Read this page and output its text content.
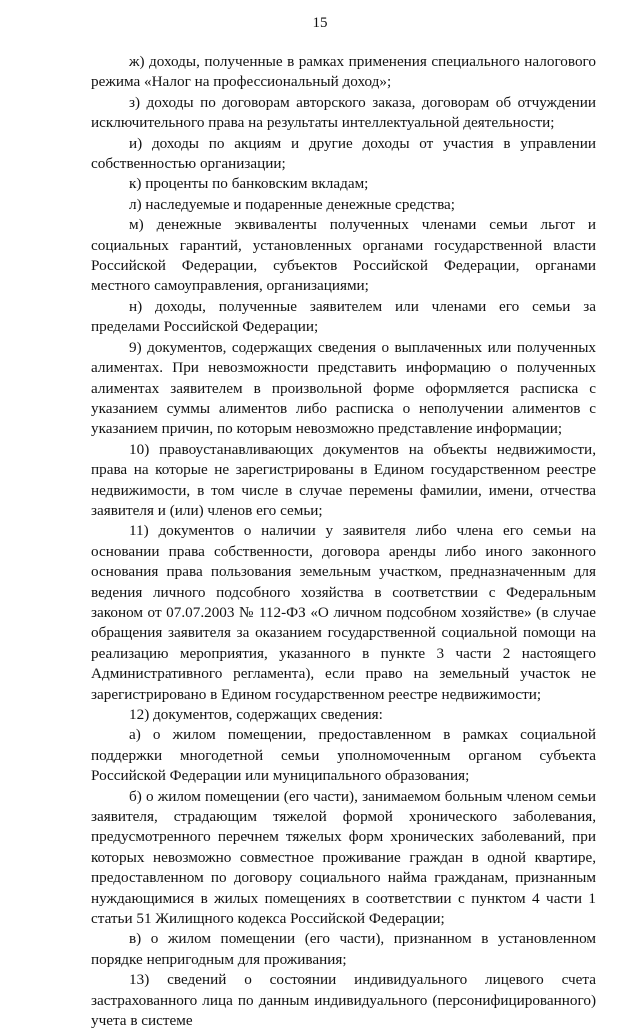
15

ж) доходы, полученные в рамках применения специального налогового режима «Налог на профессиональный доход»;

з) доходы по договорам авторского заказа, договорам об отчуждении исключительного права на результаты интеллектуальной деятельности;

и) доходы по акциям и другие доходы от участия в управлении собственностью организации;

к) проценты по банковским вкладам;

л) наследуемые и подаренные денежные средства;

м) денежные эквиваленты полученных членами семьи льгот и социальных гарантий, установленных органами государственной власти Российской Федерации, субъектов Российской Федерации, органами местного самоуправления, организациями;

н) доходы, полученные заявителем или членами его семьи за пределами Российской Федерации;

9) документов, содержащих сведения о выплаченных или полученных алиментах. При невозможности представить информацию о полученных алиментах заявителем в произвольной форме оформляется расписка с указанием суммы алиментов либо расписка о неполучении алиментов с указанием причин, по которым невозможно представление информации;

10) правоустанавливающих документов на объекты недвижимости, права на которые не зарегистрированы в Едином государственном реестре недвижимости, в том числе в случае перемены фамилии, имени, отчества заявителя и (или) членов его семьи;

11) документов о наличии у заявителя либо члена его семьи на основании права собственности, договора аренды либо иного законного основания права пользования земельным участком, предназначенным для ведения личного подсобного хозяйства в соответствии с Федеральным законом от 07.07.2003 № 112-ФЗ «О личном подсобном хозяйстве» (в случае обращения заявителя за оказанием государственной социальной помощи на реализацию мероприятия, указанного в пункте 3 части 2 настоящего Административного регламента), если право на земельный участок не зарегистрировано в Едином государственном реестре недвижимости;

12) документов, содержащих сведения:

а) о жилом помещении, предоставленном в рамках социальной поддержки многодетной семьи уполномоченным органом субъекта Российской Федерации или муниципального образования;

б) о жилом помещении (его части), занимаемом больным членом семьи заявителя, страдающим тяжелой формой хронического заболевания, предусмотренного перечнем тяжелых форм хронических заболеваний, при которых невозможно совместное проживание граждан в одной квартире, предоставленном по договору социального найма гражданам, признанным нуждающимися в жилых помещениях в соответствии с пунктом 4 части 1 статьи 51 Жилищного кодекса Российской Федерации;

в) о жилом помещении (его части), признанном в установленном порядке непригодным для проживания;

13) сведений о состоянии индивидуального лицевого счета застрахованного лица по данным индивидуального (персонифицированного) учета в системе
